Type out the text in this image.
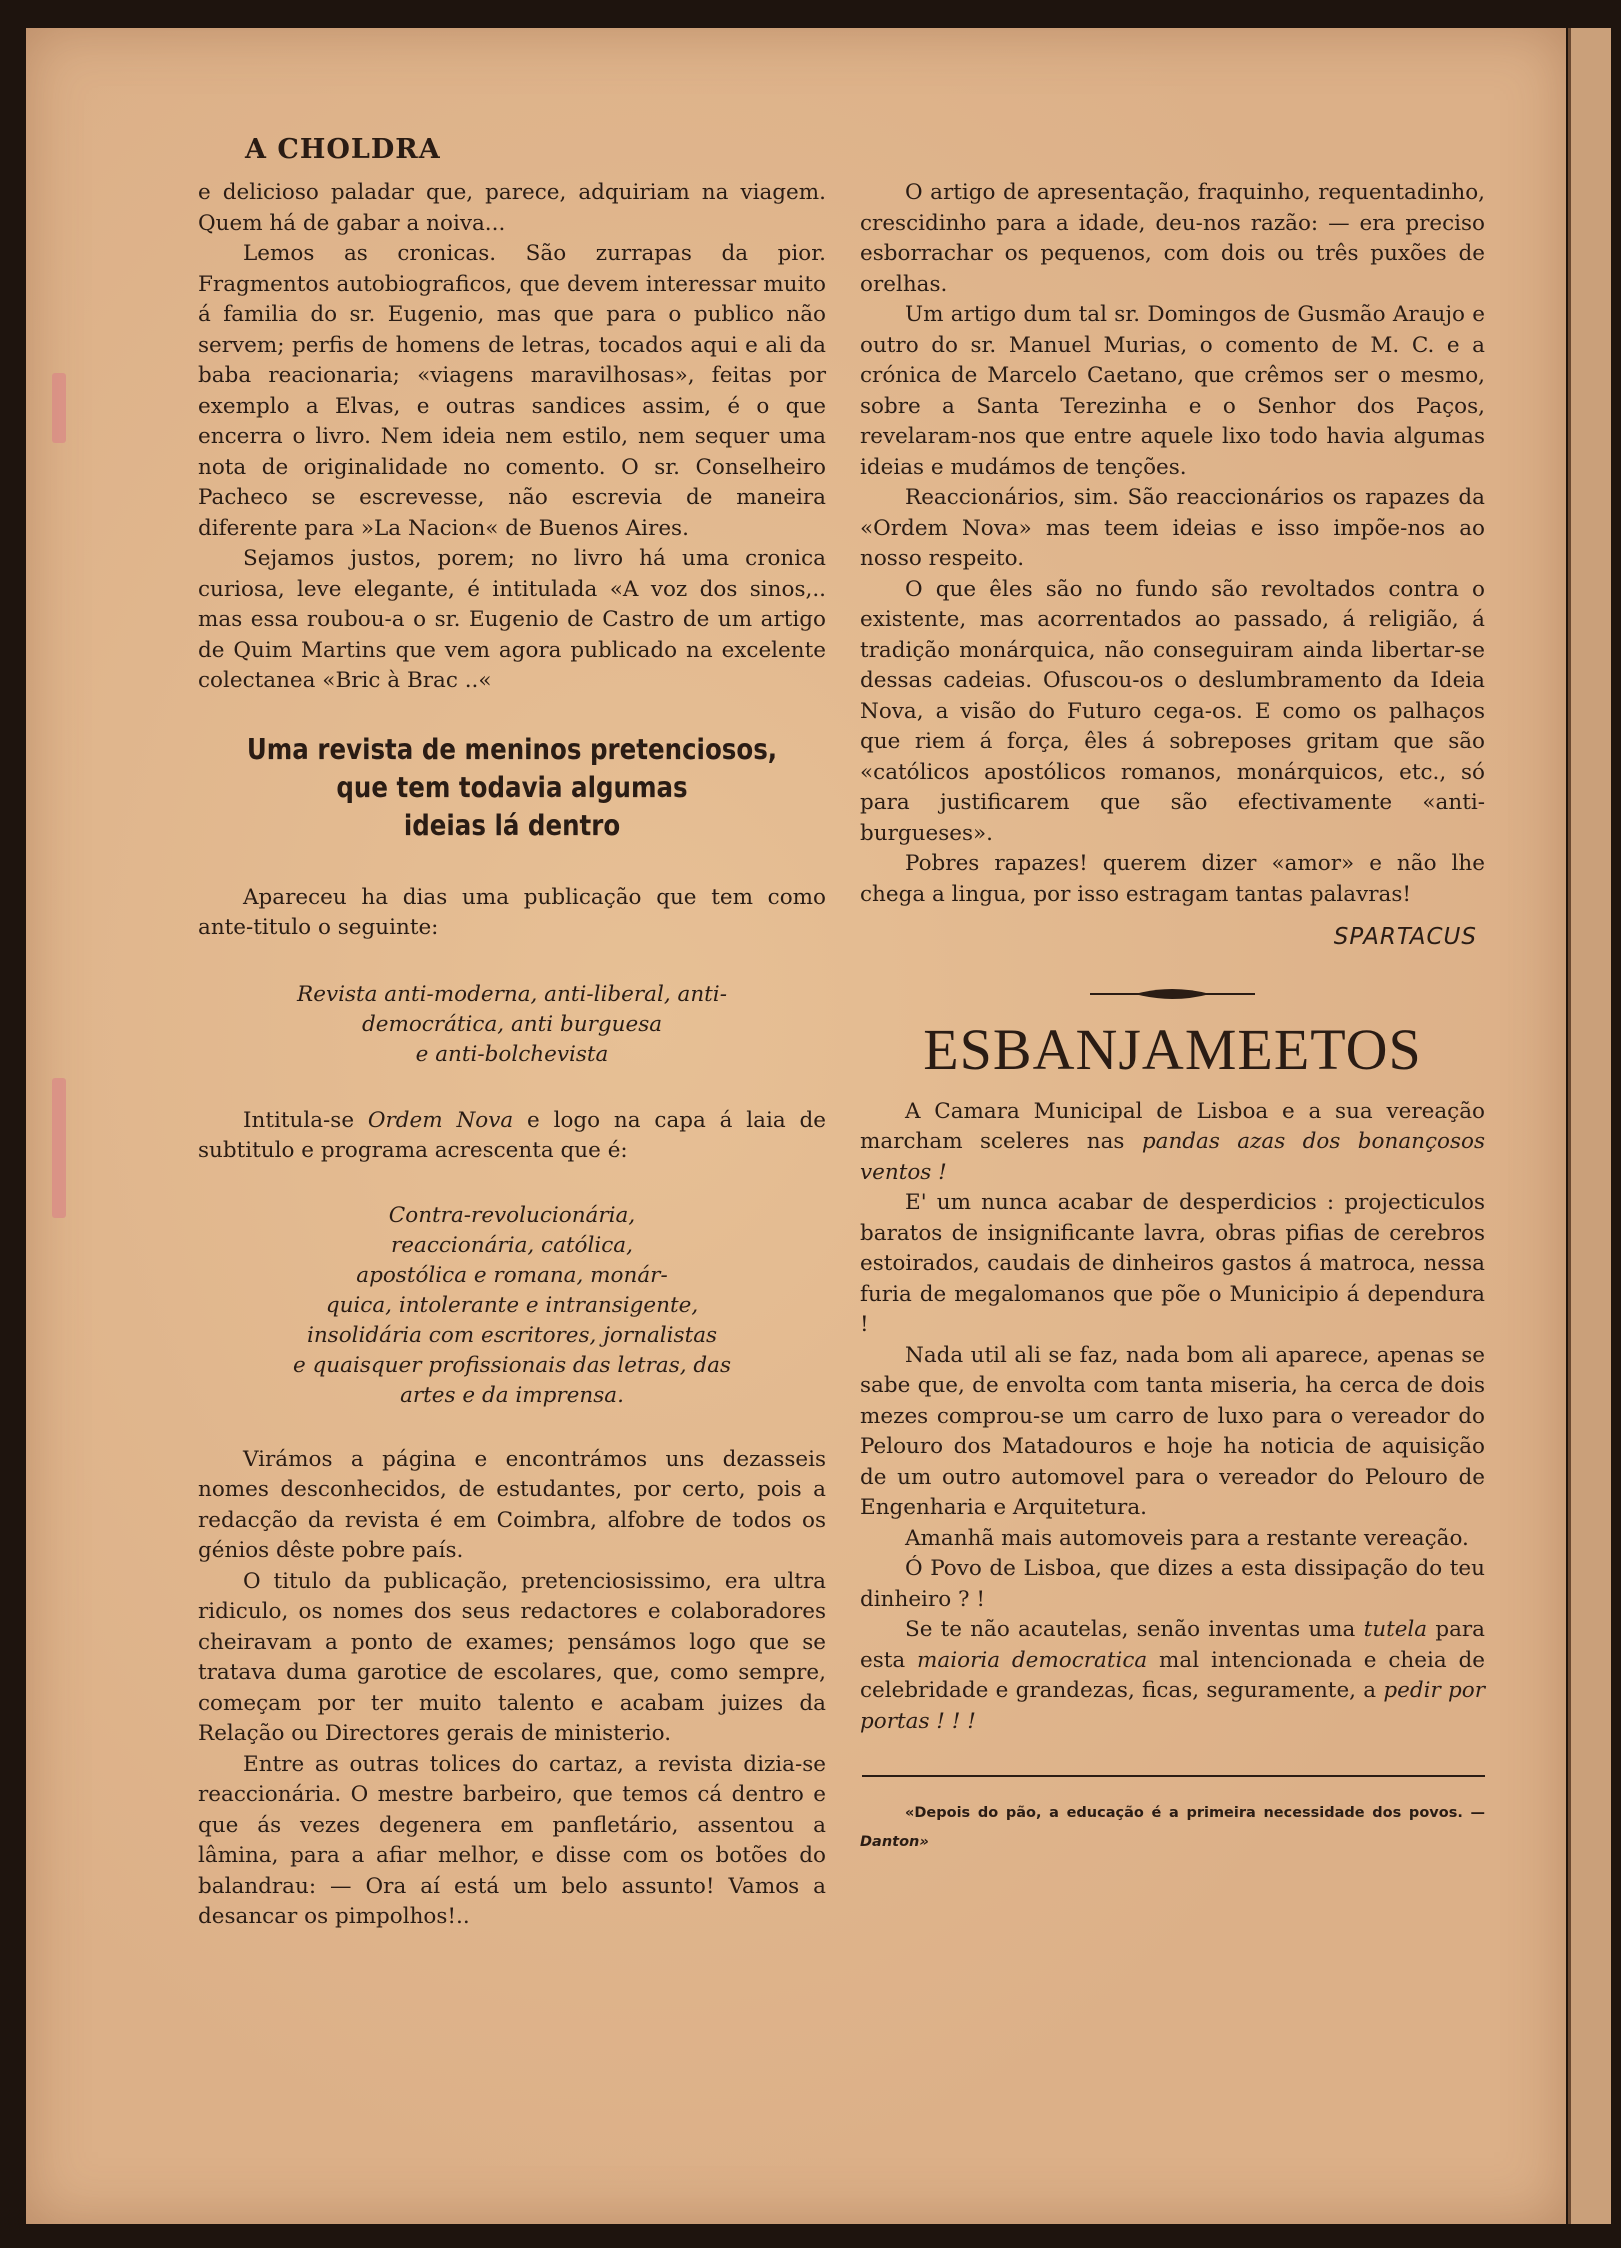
A CHOLDRA

e delicioso paladar que, parece, adquiriam na viagem. Quem há de gabar a noiva...

Lemos as cronicas. São zurrapas da pior. Fragmentos autobiograficos, que devem interessar muito á familia do sr. Eugenio, mas que para o publico não servem; perfis de homens de letras, tocados aqui e ali da baba reacionaria; «viagens maravilhosas», feitas por exemplo a Elvas, e outras sandices assim, é o que encerra o livro. Nem ideia nem estilo, nem sequer uma nota de originalidade no comento. O sr. Conselheiro Pacheco se escrevesse, não escrevia de maneira diferente para »La Nacion« de Buenos Aires.

Sejamos justos, porem; no livro há uma cronica curiosa, leve elegante, é intitulada «A voz dos sinos,.. mas essa roubou-a o sr. Eugenio de Castro de um artigo de Quim Martins que vem agora publicado na excelente colectanea «Bric à Brac ..«

Uma revista de meninos pretenciosos,
que tem todavia algumas
ideias lá dentro

Apareceu ha dias uma publicação que tem como ante-titulo o seguinte:

Revista anti-moderna, anti-liberal, anti-
democrática, anti burguesa
e anti-bolchevista

Intitula-se Ordem Nova e logo na capa á laia de subtitulo e programa acrescenta que é:

Contra-revolucionária,
reaccionária, católica,
apostólica e romana, monár-
quica, intolerante e intransigente,
insolidária com escritores, jornalistas
e quaisquer profissionais das letras, das
artes e da imprensa.

Virámos a página e encontrámos uns dezasseis nomes desconhecidos, de estudantes, por certo, pois a redacção da revista é em Coimbra, alfobre de todos os génios dêste pobre país.

O titulo da publicação, pretenciosissimo, era ultra ridiculo, os nomes dos seus redactores e colaboradores cheiravam a ponto de exames; pensámos logo que se tratava duma garotice de escolares, que, como sempre, começam por ter muito talento e acabam juizes da Relação ou Directores gerais de ministerio.

Entre as outras tolices do cartaz, a revista dizia-se reaccionária. O mestre barbeiro, que temos cá dentro e que ás vezes degenera em panfletário, assentou a lâmina, para a afiar melhor, e disse com os botões do balandrau: — Ora aí está um belo assunto! Vamos a desancar os pimpolhos!..

O artigo de apresentação, fraquinho, requentadinho, crescidinho para a idade, deu-nos razão: — era preciso esborrachar os pequenos, com dois ou três puxões de orelhas.

Um artigo dum tal sr. Domingos de Gusmão Araujo e outro do sr. Manuel Murias, o comento de M. C. e a crónica de Marcelo Caetano, que crêmos ser o mesmo, sobre a Santa Terezinha e o Senhor dos Paços, revelaram-nos que entre aquele lixo todo havia algumas ideias e mudámos de tenções.

Reaccionários, sim. São reaccionários os rapazes da «Ordem Nova» mas teem ideias e isso impõe-nos ao nosso respeito.

O que êles são no fundo são revoltados contra o existente, mas acorrentados ao passado, á religião, á tradição monárquica, não conseguiram ainda libertar-se dessas cadeias. Ofuscou-os o deslumbramento da Ideia Nova, a visão do Futuro cega-os. E como os palhaços que riem á força, êles á sobreposes gritam que são «católicos apostólicos romanos, monárquicos, etc., só para justificarem que são efectivamente «anti-burgueses».

Pobres rapazes! querem dizer «amor» e não lhe chega a lingua, por isso estragam tantas palavras!

SPARTACUS
ESBANJAMEETOS

A Camara Municipal de Lisboa e a sua vereação marcham sceleres nas pandas azas dos bonançosos ventos !

E' um nunca acabar de desperdicios : projecticulos baratos de insignificante lavra, obras pifias de cerebros estoirados, caudais de dinheiros gastos á matroca, nessa furia de megalomanos que põe o Municipio á dependura !

Nada util ali se faz, nada bom ali aparece, apenas se sabe que, de envolta com tanta miseria, ha cerca de dois mezes comprou-se um carro de luxo para o vereador do Pelouro dos Matadouros e hoje ha noticia de aquisição de um outro automovel para o vereador do Pelouro de Engenharia e Arquitetura.

Amanhã mais automoveis para a restante vereação.

Ó Povo de Lisboa, que dizes a esta dissipação do teu dinheiro ? !

Se te não acautelas, senão inventas uma tutela para esta maioria democratica mal intencionada e cheia de celebridade e grandezas, ficas, seguramente, a pedir por portas ! ! !

«Depois do pão, a educação é a primeira necessidade dos povos. — Danton»
